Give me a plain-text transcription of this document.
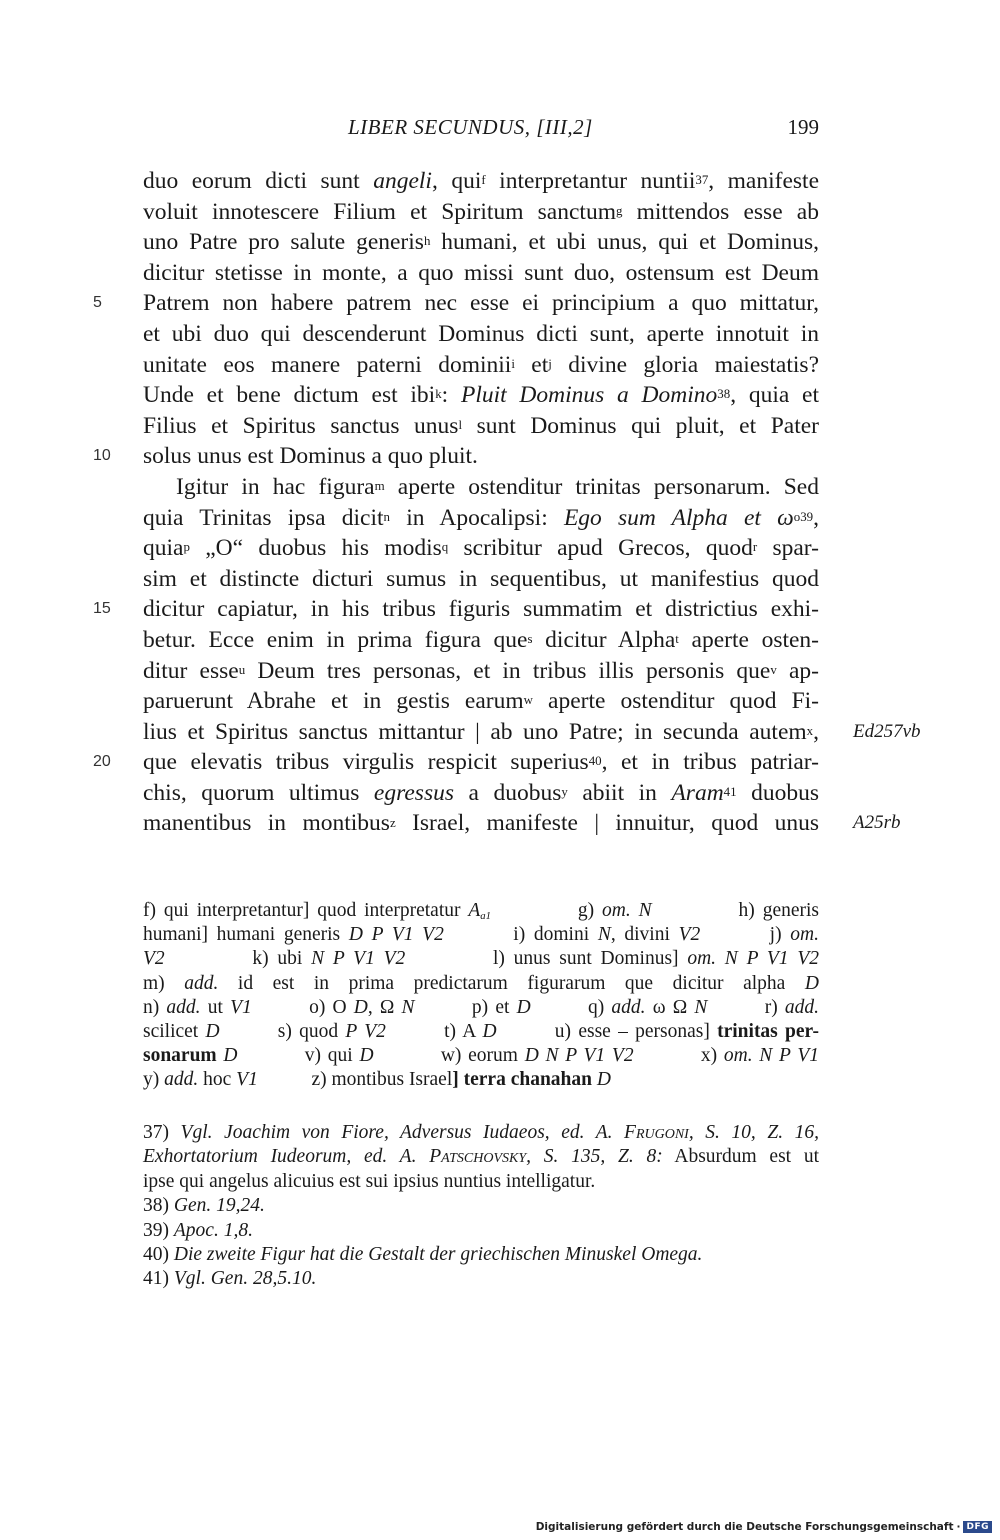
LIBER SECUNDUS, [III,2]	199
duo eorum dicti sunt angeli, qui$^f$ interpretantur nuntii$^{37}$, manifeste
voluit innotescere Filium et Spiritum sanctum$^g$ mittendos esse ab
uno Patre pro salute generis$^h$ humani, et ubi unus, qui et Dominus,
dicitur stetisse in monte, a quo missi sunt duo, ostensum est Deum
5 Patrem non habere patrem nec esse ei principium a quo mittatur,
et ubi duo qui descenderunt Dominus dicti sunt, aperte innotuit in
unitate eos manere paterni dominii$^i$ $et^j$ divine gloria maiestatis?
Unde et bene dictum est ibi$^k$: Pluit Dominus a Domino$^{38}$, quia et
Filius et Spiritus sanctus unus$^l$ sunt Dominus qui pluit, et Pater
10 solus unus est Dominus a quo pluit.
Igitur in hac figura$^m$ aperte ostenditur trinitas personarum. Sed
quia Trinitas ipsa dicit$^n$ in Apocalipsi: Ego sum Alpha et $\omega^{o39}$,
quia$^p$ „O“ duobus his modis$^q$ scribitur apud Grecos, quod$^r$ spar-
sim et distincte dicturi sumus in sequentibus, ut manifestius quod
15 dicitur capiatur, in his tribus figuris summatim et districtius exhi-
betur. Ecce enim in prima figura que$^s$ dicitur Alpha$^t$ aperte osten-
ditur esse$^u$ Deum tres personas, et in tribus illis personis que$^v$ ap-
paruerunt Abrahe et in gestis earum$^w$ aperte ostenditur quod Fi-
lius et Spiritus sanctus mittantur | ab uno Patre; in secunda autem$^x$, Ed257vb
20 que elevatis tribus virgulis respicit superius$^{40}$, et in tribus patriar-
chis, quorum ultimus egressus a duobus$^y$ abiit in Aram$^{41}$ duobus
manentibus in montibus$^z$ Israel, manifeste | innuitur, quod unus A25rb
f) qui interpretantur] quod interpretatur $A_{a1}$           g) om. N           h) generis
humani] humani generis D P V1 V2        i) domini N, divini V2        j) om.
V2          k) ubi N P V1 V2          l) unus sunt Dominus] om. N P V1 V2
m) add. id est in prima predictarum figurarum que dicitur alpha D
n) add. ut V1        o) O D, Ω N        p) et D        q) add. ω Ω N        r) add.
scilicet D        s) quod P V2        t) A D        u) esse – personas] trinitas per-
sonarum D          v) qui D          w) eorum D N P V1 V2          x) om. N P V1
y) add. hoc V1           z) montibus Israel] terra chanahan D
37) Vgl. Joachim von Fiore, Adversus Iudaeos, ed. A. Frugoni, S. 10, Z. 16,
Exhortatorium Iudeorum, ed. A. Patschovsky, S. 135, Z. 8: Absurdum est ut
ipse qui angelus alicuius est sui ipsius nuntius intelligatur.
38) Gen. 19,24.
39) Apoc. 1,8.
40) Die zweite Figur hat die Gestalt der griechischen Minuskel Omega.
41) Vgl. Gen. 28,5.10.
Digitalisierung gefördert durch die Deutsche Forschungsgemeinschaft · DFG
